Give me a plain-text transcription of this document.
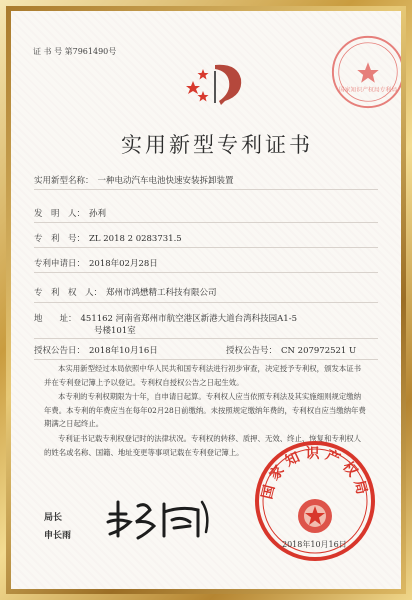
证 书 号 第7961490号
国家知识产权局专利局
实用新型专利证书
实用新型名称： 一种电动汽车电池快速安装拆卸装置
发　明　人： 孙利
专　利　号： ZL 2018 2 0283731.5
专利申请日： 2018年02月28日
专　利　权　人： 郑州市鸿懋精工科技有限公司
地　　址： 451162 河南省郑州市航空港区新港大道台湾科技园A1-5
号楼101室
授权公告日： 2018年10月16日	授权公告号： CN 207972521 U
本实用新型经过本局依照中华人民共和国专利法进行初步审查，决定授予专利权，颁发本证书并在专利登记簿上予以登记。专利权自授权公告之日起生效。
本专利的专利权期限为十年，自申请日起算。专利权人应当依照专利法及其实施细则规定缴纳年费。本专利的年费应当在每年02月28日前缴纳。未按照规定缴纳年费的，专利权自应当缴纳年费期满之日起终止。
专利证书记载专利权登记时的法律状况。专利权的转移、质押、无效、终止、恢复和专利权人的姓名或名称、国籍、地址变更等事项记载在专利登记簿上。
局长
申长雨
国家知识产权局
2018年10月16日
